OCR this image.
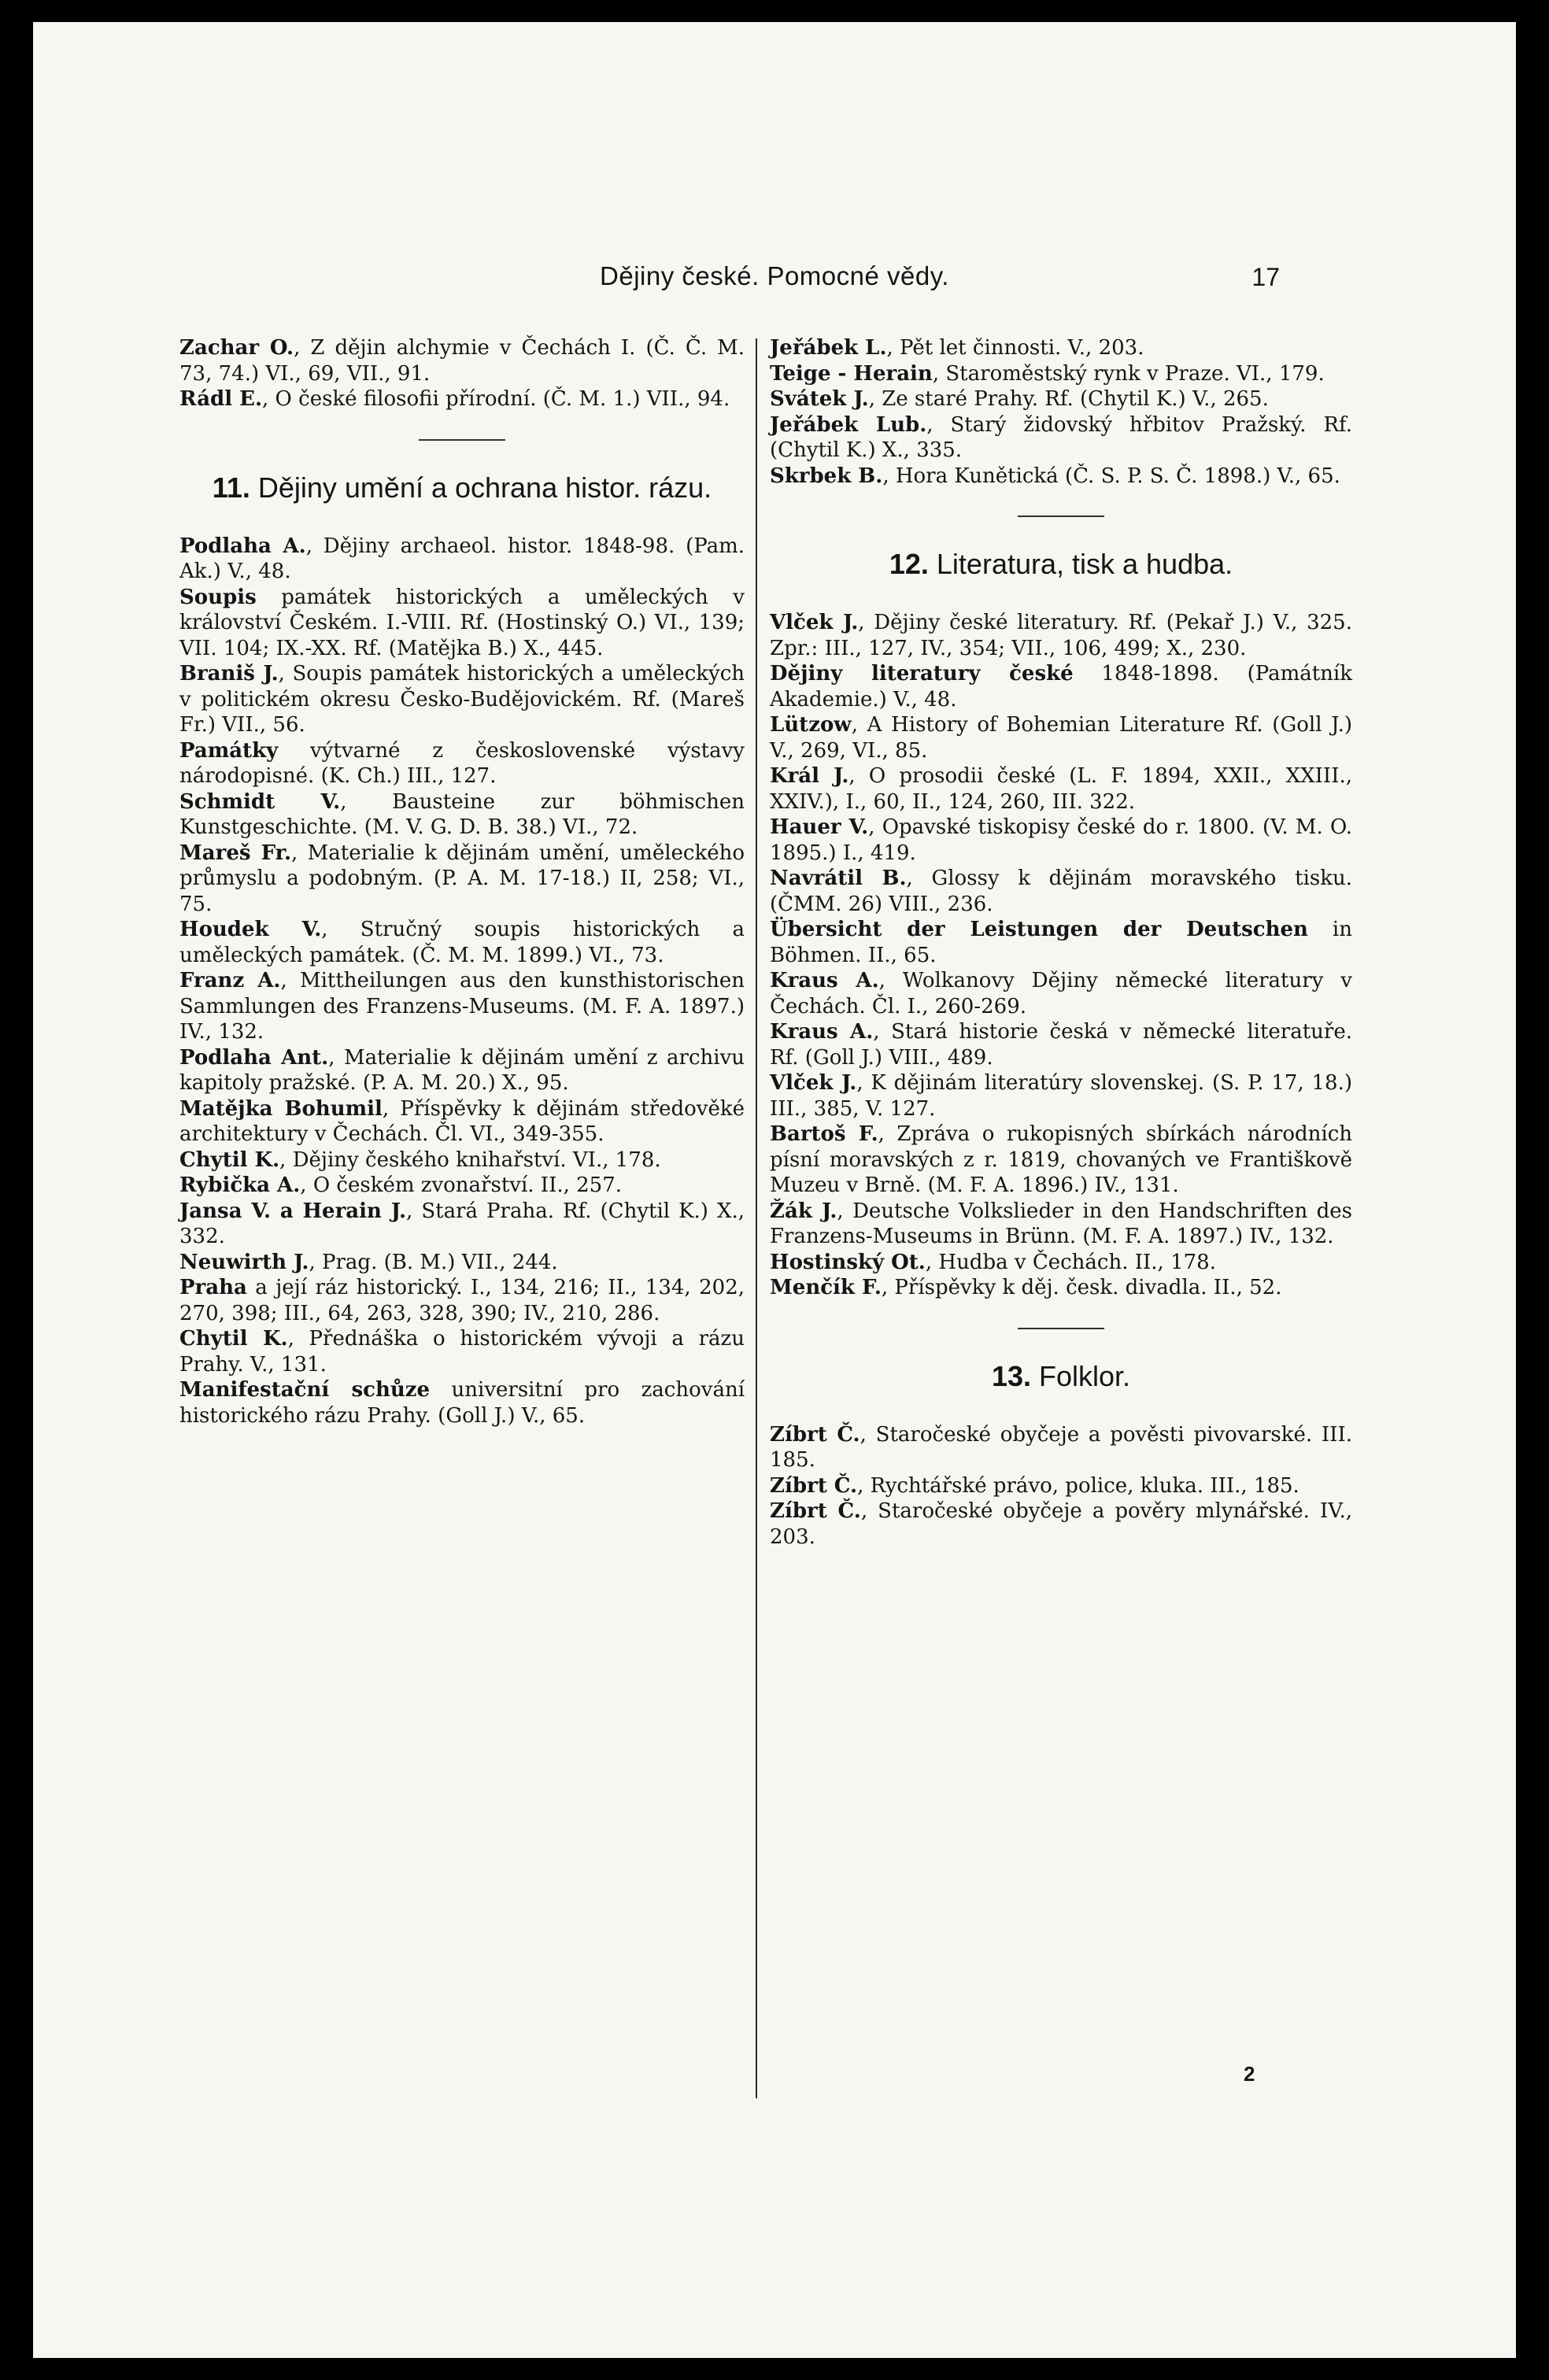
Dějiny české. Pomocné vědy.	17

Zachar O., Z dějin alchymie v Čechách I. (Č. Č. M. 73, 74.) VI., 69, VII., 91.

Rádl E., O české filosofii přírodní. (Č. M. 1.) VII., 94.

11. Dějiny umění a ochrana histor. rázu.

Podlaha A., Dějiny archaeol. histor. 1848-98. (Pam. Ak.) V., 48.

Soupis památek historických a uměleckých v království Českém. I.-VIII. Rf. (Hostinský O.) VI., 139; VII. 104; IX.-XX. Rf. (Matějka B.) X., 445.

Braniš J., Soupis památek historických a uměleckých v politickém okresu Česko-Budějovickém. Rf. (Mareš Fr.) VII., 56.

Památky výtvarné z československé výstavy národopisné. (K. Ch.) III., 127.

Schmidt V., Bausteine zur böhmischen Kunstgeschichte. (M. V. G. D. B. 38.) VI., 72.

Mareš Fr., Materialie k dějinám umění, uměleckého průmyslu a podobným. (P. A. M. 17-18.) II, 258; VI., 75.

Houdek V., Stručný soupis historických a uměleckých památek. (Č. M. M. 1899.) VI., 73.

Franz A., Mittheilungen aus den kunsthistorischen Sammlungen des Franzens-Museums. (M. F. A. 1897.) IV., 132.

Podlaha Ant., Materialie k dějinám umění z archivu kapitoly pražské. (P. A. M. 20.) X., 95.

Matějka Bohumil, Příspěvky k dějinám středověké architektury v Čechách. Čl. VI., 349-355.

Chytil K., Dějiny českého knihařství. VI., 178.

Rybička A., O českém zvonařství. II., 257.

Jansa V. a Herain J., Stará Praha. Rf. (Chytil K.) X., 332.

Neuwirth J., Prag. (B. M.) VII., 244.

Praha a její ráz historický. I., 134, 216; II., 134, 202, 270, 398; III., 64, 263, 328, 390; IV., 210, 286.

Chytil K., Přednáška o historickém vývoji a rázu Prahy. V., 131.

Manifestační schůze universitní pro zachování historického rázu Prahy. (Goll J.) V., 65.

Jeřábek L., Pět let činnosti. V., 203.

Teige - Herain, Staroměstský rynk v Praze. VI., 179.

Svátek J., Ze staré Prahy. Rf. (Chytil K.) V., 265.

Jeřábek Lub., Starý židovský hřbitov Pražský. Rf. (Chytil K.) X., 335.

Skrbek B., Hora Kunětická (Č. S. P. S. Č. 1898.) V., 65.

12. Literatura, tisk a hudba.

Vlček J., Dějiny české literatury. Rf. (Pekař J.) V., 325. Zpr.: III., 127, IV., 354; VII., 106, 499; X., 230.

Dějiny literatury české 1848-1898. (Památník Akademie.) V., 48.

Lützow, A History of Bohemian Literature Rf. (Goll J.) V., 269, VI., 85.

Král J., O prosodii české (L. F. 1894, XXII., XXIII., XXIV.), I., 60, II., 124, 260, III. 322.

Hauer V., Opavské tiskopisy české do r. 1800. (V. M. O. 1895.) I., 419.

Navrátil B., Glossy k dějinám moravského tisku. (ČMM. 26) VIII., 236.

Übersicht der Leistungen der Deutschen in Böhmen. II., 65.

Kraus A., Wolkanovy Dějiny německé literatury v Čechách. Čl. I., 260-269.

Kraus A., Stará historie česká v německé literatuře. Rf. (Goll J.) VIII., 489.

Vlček J., K dějinám literatúry slovenskej. (S. P. 17, 18.) III., 385, V. 127.

Bartoš F., Zpráva o rukopisných sbírkách národních písní moravských z r. 1819, chovaných ve Františkově Muzeu v Brně. (M. F. A. 1896.) IV., 131.

Žák J., Deutsche Volkslieder in den Handschriften des Franzens-Museums in Brünn. (M. F. A. 1897.) IV., 132.

Hostinský Ot., Hudba v Čechách. II., 178.

Menčík F., Příspěvky k děj. česk. divadla. II., 52.

13. Folklor.

Zíbrt Č., Staročeské obyčeje a pověsti pivovarské. III. 185.

Zíbrt Č., Rychtářské právo, police, kluka. III., 185.

Zíbrt Č., Staročeské obyčeje a pověry mlynářské. IV., 203.

2
